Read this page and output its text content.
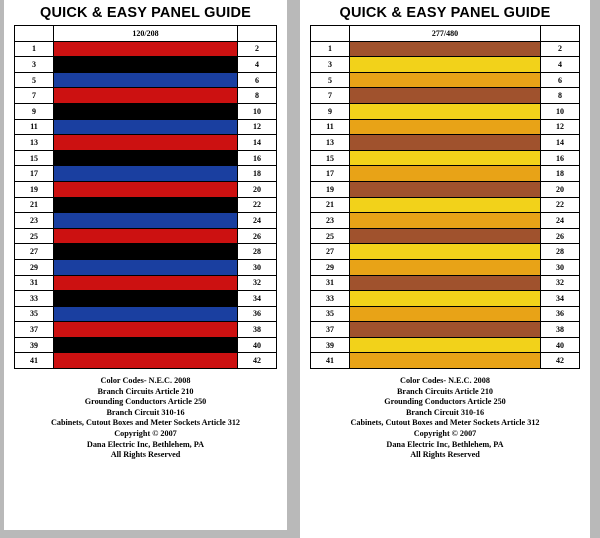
QUICK & EASY PANEL GUIDE
	120/208	
1		2
3		4
5		6
7		8
9		10
11		12
13		14
15		16
17		18
19		20
21		22
23		24
25		26
27		28
29		30
31		32
33		34
35		36
37		38
39		40
41		42
Color Codes- N.E.C. 2008
Branch Circuits Article 210
Grounding Conductors Article 250
Branch Circuit 310-16
Cabinets, Cutout Boxes and Meter Sockets Article 312
Copyright © 2007
Dana Electric Inc, Bethlehem, PA
All Rights Reserved
QUICK & EASY PANEL GUIDE
	277/480	
1		2
3		4
5		6
7		8
9		10
11		12
13		14
15		16
17		18
19		20
21		22
23		24
25		26
27		28
29		30
31		32
33		34
35		36
37		38
39		40
41		42
Color Codes- N.E.C. 2008
Branch Circuits Article 210
Grounding Conductors Article 250
Branch Circuit 310-16
Cabinets, Cutout Boxes and Meter Sockets Article 312
Copyright © 2007
Dana Electric Inc, Bethlehem, PA
All Rights Reserved
